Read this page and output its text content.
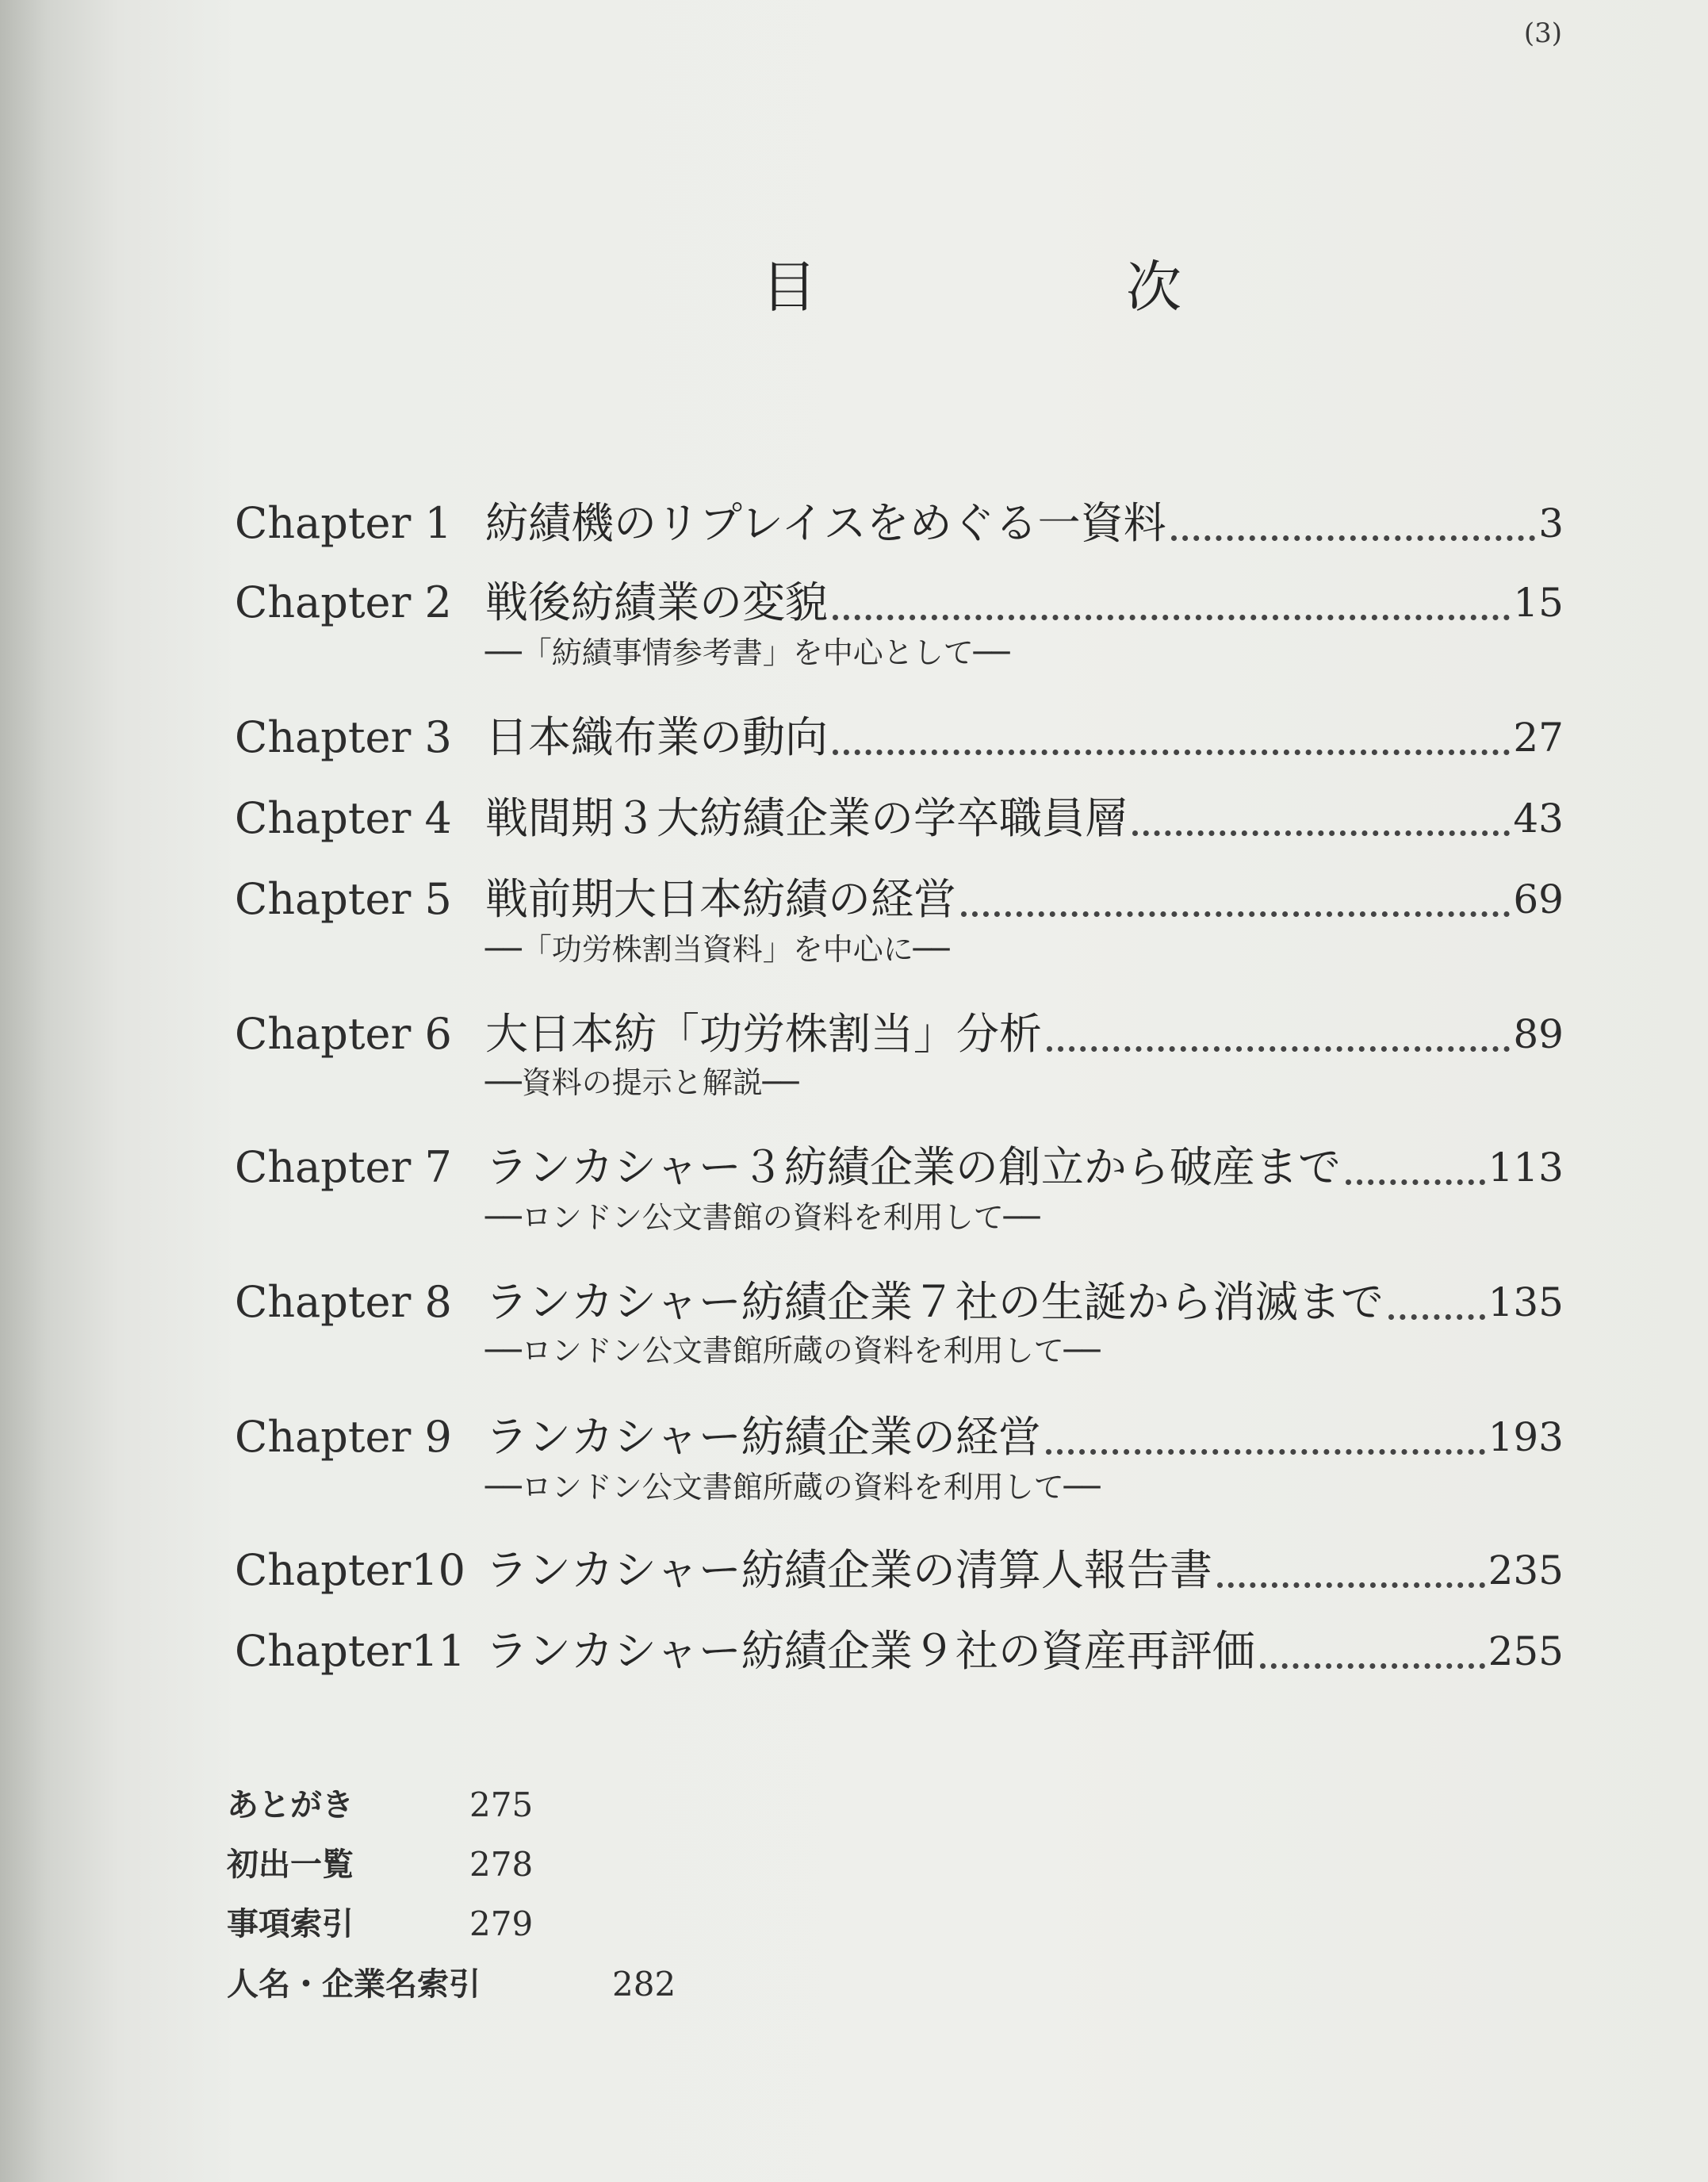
(3)
目　次
Chapter 1 紡績機のリプレイスをめぐる一資料	3
Chapter 2 戦後紡績業の変貌	15
──「紡績事情参考書」を中心として──
Chapter 3 日本織布業の動向	27
Chapter 4 戦間期３大紡績企業の学卒職員層	43
Chapter 5 戦前期大日本紡績の経営	69
──「功労株割当資料」を中心に──
Chapter 6 大日本紡「功労株割当」分析	89
──資料の提示と解説──
Chapter 7 ランカシャー３紡績企業の創立から破産まで	113
──ロンドン公文書館の資料を利用して──
Chapter 8 ランカシャー紡績企業７社の生誕から消滅まで	135
──ロンドン公文書館所蔵の資料を利用して──
Chapter 9 ランカシャー紡績企業の経営	193
──ロンドン公文書館所蔵の資料を利用して──
Chapter10 ランカシャー紡績企業の清算人報告書	235
Chapter11 ランカシャー紡績企業９社の資産再評価	255
あとがき	275
初出一覧	278
事項索引	279
人名・企業名索引	282
